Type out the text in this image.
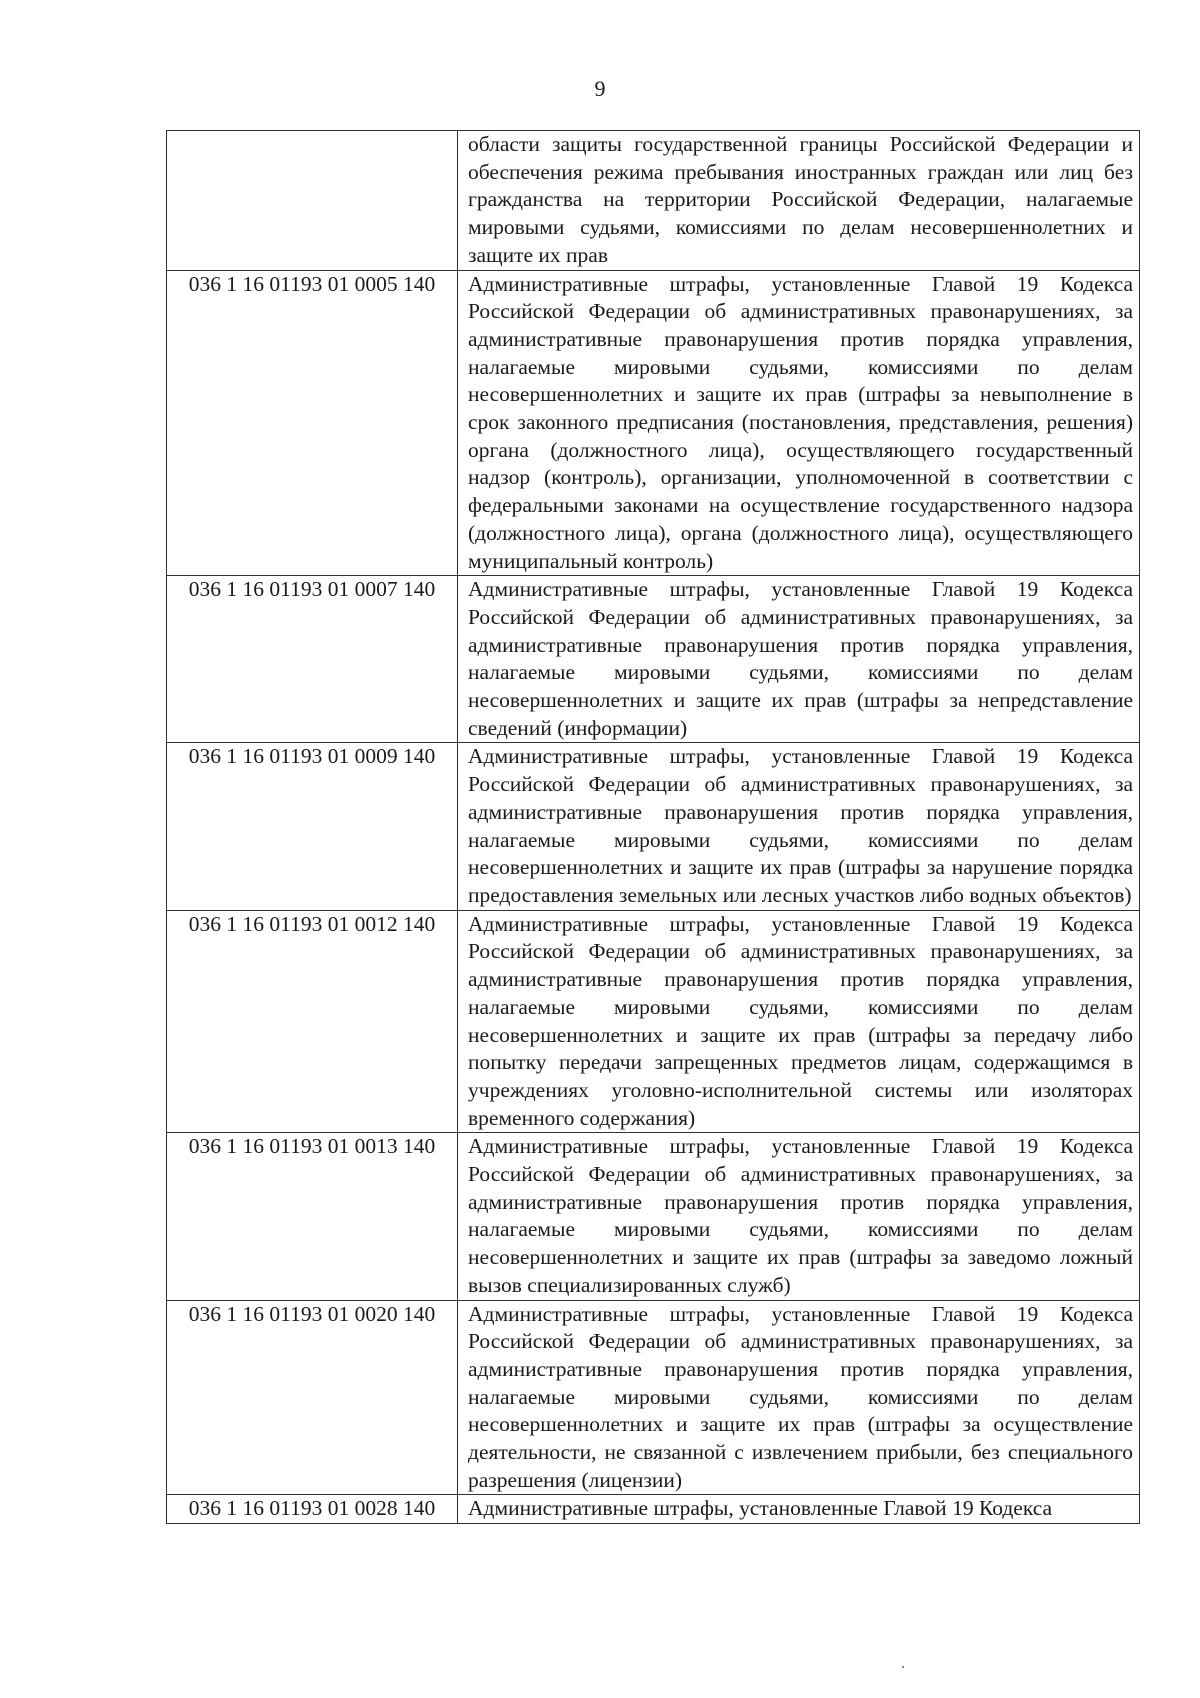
9
	области защиты государственной границы Российской Федерации и обеспечения режима пребывания иностранных граждан или лиц без гражданства на территории Российской Федерации, налагаемые мировыми судьями, комиссиями по делам несовершеннолетних и защите их прав
036 1 16 01193 01 0005 140	Административные штрафы, установленные Главой 19 Кодекса Российской Федерации об административных правонарушениях, за административные правонарушения против порядка управления, налагаемые мировыми судьями, комиссиями по делам несовершеннолетних и защите их прав (штрафы за невыполнение в срок законного предписания (постановления, представления, решения) органа (должностного лица), осуществляющего государственный надзор (контроль), организации, уполномоченной в соответствии с федеральными законами на осуществление государственного надзора (должностного лица), органа (должностного лица), осуществляющего муниципальный контроль)
036 1 16 01193 01 0007 140	Административные штрафы, установленные Главой 19 Кодекса Российской Федерации об административных правонарушениях, за административные правонарушения против порядка управления, налагаемые мировыми судьями, комиссиями по делам несовершеннолетних и защите их прав (штрафы за непредставление сведений (информации)
036 1 16 01193 01 0009 140	Административные штрафы, установленные Главой 19 Кодекса Российской Федерации об административных правонарушениях, за административные правонарушения против порядка управления, налагаемые мировыми судьями, комиссиями по делам несовершеннолетних и защите их прав (штрафы за нарушение порядка предоставления земельных или лесных участков либо водных объектов)
036 1 16 01193 01 0012 140	Административные штрафы, установленные Главой 19 Кодекса Российской Федерации об административных правонарушениях, за административные правонарушения против порядка управления, налагаемые мировыми судьями, комиссиями по делам несовершеннолетних и защите их прав (штрафы за передачу либо попытку передачи запрещенных предметов лицам, содержащимся в учреждениях уголовно-исполнительной системы или изоляторах временного содержания)
036 1 16 01193 01 0013 140	Административные штрафы, установленные Главой 19 Кодекса Российской Федерации об административных правонарушениях, за административные правонарушения против порядка управления, налагаемые мировыми судьями, комиссиями по делам несовершеннолетних и защите их прав (штрафы за заведомо ложный вызов специализированных служб)
036 1 16 01193 01 0020 140	Административные штрафы, установленные Главой 19 Кодекса Российской Федерации об административных правонарушениях, за административные правонарушения против порядка управления, налагаемые мировыми судьями, комиссиями по делам несовершеннолетних и защите их прав (штрафы за осуществление деятельности, не связанной с извлечением прибыли, без специального разрешения (лицензии)
036 1 16 01193 01 0028 140	Административные штрафы, установленные Главой 19 Кодекса
